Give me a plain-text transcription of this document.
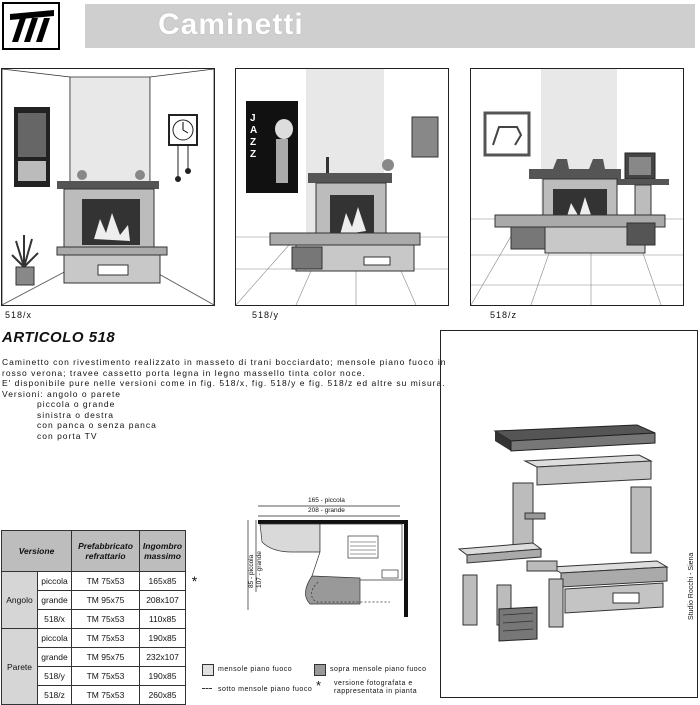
Caminetti
J
A
Z
Z
518/x	518/y	518/z
ARTICOLO 518
Caminetto con rivestimento realizzato in masseto di trani bocciardato; mensole piano fuoco in
rosso verona; travee cassetto porta legna in legno massello tinta color noce.
E' disponibile pure nelle versioni come in fig. 518/x, fig. 518/y e fig. 518/z ed altre su misura.
Versioni: angolo o parete
piccola o grande
sinistra o destra
con panca o senza panca
con porta TV
Versione		Prefabbricato refrattario	Ingombro massimo	
Angolo	piccola	TM 75x53	165x85	*
	grande	TM 95x75	208x107	
	518/x	TM 75x53	110x85	
Parete	piccola	TM 75x53	190x85	
	grande	TM 95x75	232x107	
	518/y	TM 75x53	190x85	
	518/z	TM 75x53	260x85	
165 - piccola
208 - grande
85 - piccola 107 - grande
mensole piano fuoco	sopra mensole piano fuoco
sotto mensole piano fuoco * versione fotografata e
rappresentata in pianta
Studio Rocchi - Siena
